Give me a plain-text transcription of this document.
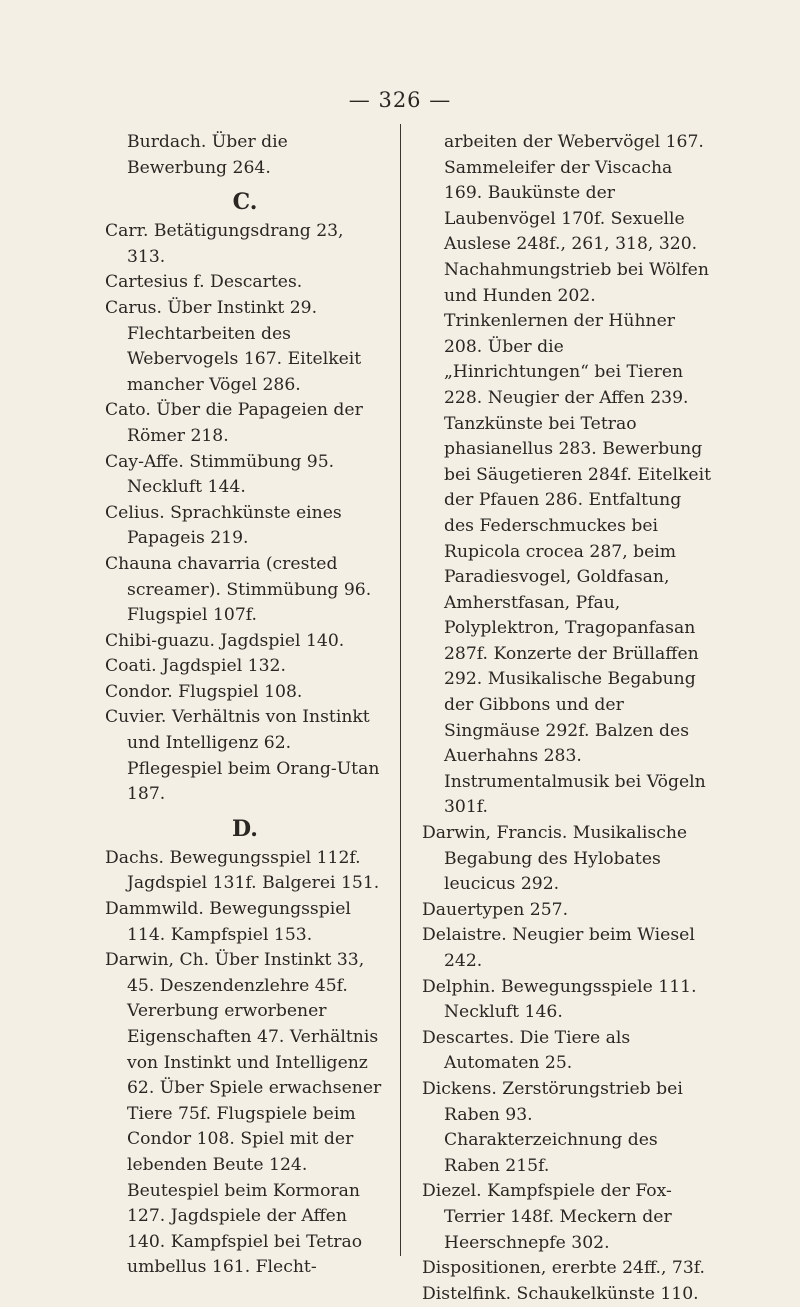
— 326 —

Burdach. Über die Bewerbung 264.

C.

Carr. Betätigungsdrang 23, 313.

Cartesius f. Descartes.

Carus. Über Instinkt 29. Flechtarbeiten des Webervogels 167. Eitelkeit mancher Vögel 286.

Cato. Über die Papageien der Römer 218.

Cay-Affe. Stimmübung 95. Neckluft 144.

Celius. Sprachkünste eines Papageis 219.

Chauna chavarria (crested screamer). Stimmübung 96. Flugspiel 107f.

Chibi-guazu. Jagdspiel 140.

Coati. Jagdspiel 132.

Condor. Flugspiel 108.

Cuvier. Verhältnis von Instinkt und Intelligenz 62. Pflegespiel beim Orang-Utan 187.

D.

Dachs. Bewegungsspiel 112f. Jagdspiel 131f. Balgerei 151.

Dammwild. Bewegungsspiel 114. Kampfspiel 153.

Darwin, Ch. Über Instinkt 33, 45. Deszendenzlehre 45f. Vererbung erworbener Eigenschaften 47. Verhältnis von Instinkt und Intelligenz 62. Über Spiele erwachsener Tiere 75f. Flugspiele beim Condor 108. Spiel mit der lebenden Beute 124. Beutespiel beim Kormoran 127. Jagdspiele der Affen 140. Kampfspiel bei Tetrao umbellus 161. Flecht-

arbeiten der Webervögel 167. Sammeleifer der Viscacha 169. Baukünste der Laubenvögel 170f. Sexuelle Auslese 248f., 261, 318, 320. Nachahmungstrieb bei Wölfen und Hunden 202. Trinkenlernen der Hühner 208. Über die „Hinrichtungen“ bei Tieren 228. Neugier der Affen 239. Tanzkünste bei Tetrao phasianellus 283. Bewerbung bei Säugetieren 284f. Eitelkeit der Pfauen 286. Entfaltung des Federschmuckes bei Rupicola crocea 287, beim Paradiesvogel, Goldfasan, Amherstfasan, Pfau, Polyplektron, Tragopanfasan 287f. Konzerte der Brüllaffen 292. Musikalische Begabung der Gibbons und der Singmäuse 292f. Balzen des Auerhahns 283. Instrumentalmusik bei Vögeln 301f.

Darwin, Francis. Musikalische Begabung des Hylobates leucicus 292.

Dauertypen 257.

Delaistre. Neugier beim Wiesel 242.

Delphin. Bewegungsspiele 111. Neckluft 146.

Descartes. Die Tiere als Automaten 25.

Dickens. Zerstörungstrieb bei Raben 93. Charakterzeichnung des Raben 215f.

Diezel. Kampfspiele der Fox-Terrier 148f. Meckern der Heerschnepfe 302.

Dispositionen, ererbte 24ff., 73f.

Distelfink. Schaukelkünste 110.
